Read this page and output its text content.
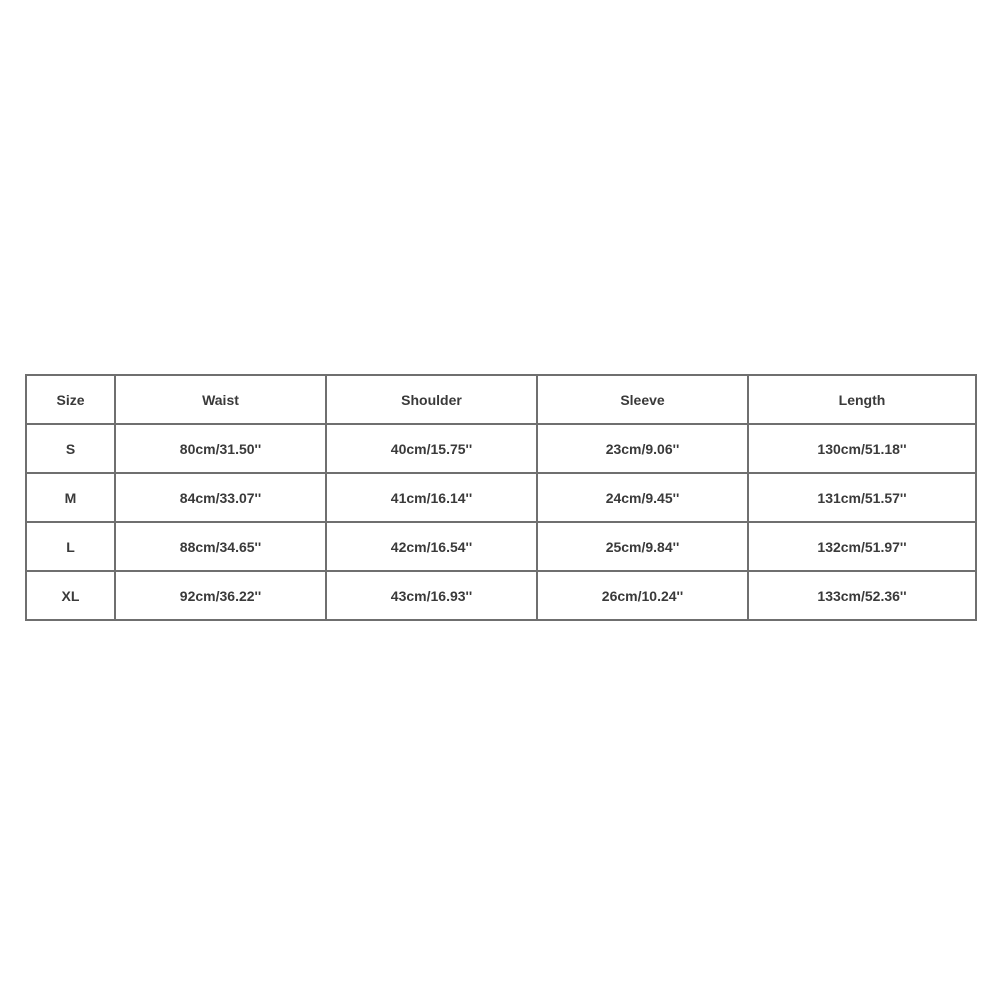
Size	Waist	Shoulder	Sleeve	Length
S	80cm/31.50''	40cm/15.75''	23cm/9.06''	130cm/51.18''
M	84cm/33.07''	41cm/16.14''	24cm/9.45''	131cm/51.57''
L	88cm/34.65''	42cm/16.54''	25cm/9.84''	132cm/51.97''
XL	92cm/36.22''	43cm/16.93''	26cm/10.24''	133cm/52.36''
